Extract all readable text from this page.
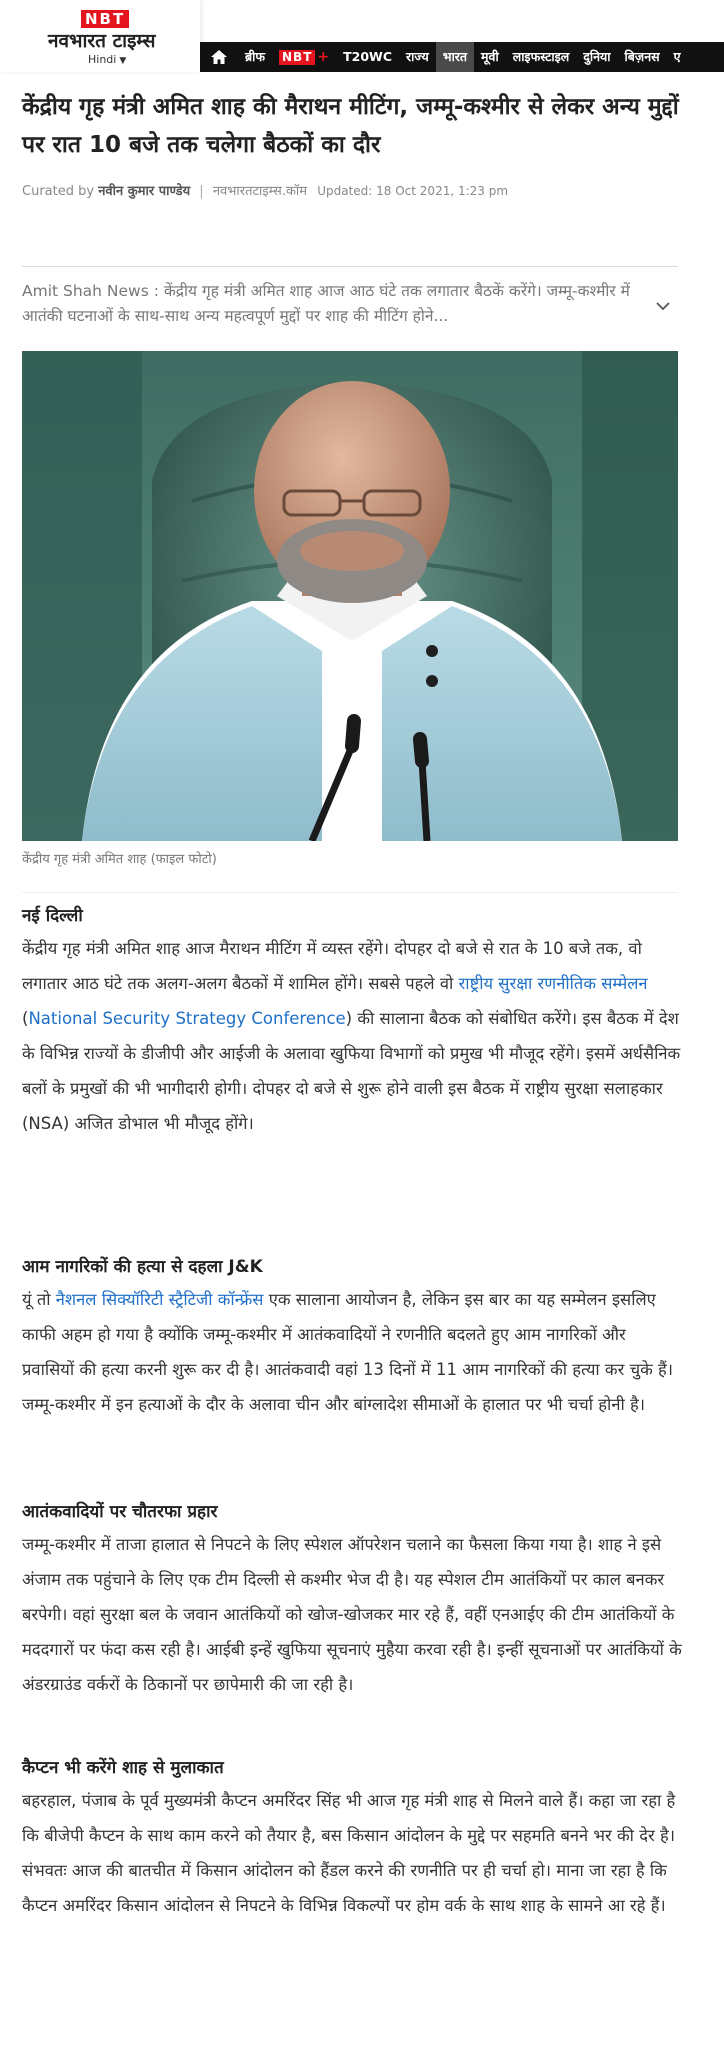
NBT
नवभारत टाइम्स
Hindi ▼	ब्रीफ	NBT +	T20WC	राज्य	भारत	मूवी	लाइफस्टाइल	दुनिया	बिज़नस	ए
केंद्रीय गृह मंत्री अमित शाह की मैराथन मीटिंग, जम्मू-कश्मीर से लेकर अन्य मुद्दों पर रात 10 बजे तक चलेगा बैठकों का दौर
Curated by नवीन कुमार पाण्डेय | नवभारतटाइम्स.कॉम Updated: 18 Oct 2021, 1:23 pm

Amit Shah News : केंद्रीय गृह मंत्री अमित शाह आज आठ घंटे तक लगातार बैठकें करेंगे। जम्मू-कश्मीर में आतंकी घटनाओं के साथ-साथ अन्य महत्वपूर्ण मुद्दों पर शाह की मीटिंग होने...

केंद्रीय गृह मंत्री अमित शाह (फाइल फोटो)
नई दिल्ली

केंद्रीय गृह मंत्री अमित शाह आज मैराथन मीटिंग में व्यस्त रहेंगे। दोपहर दो बजे से रात के 10 बजे तक, वो लगातार आठ घंटे तक अलग-अलग बैठकों में शामिल होंगे। सबसे पहले वो राष्ट्रीय सुरक्षा रणनीतिक सम्मेलन (National Security Strategy Conference) की सालाना बैठक को संबोधित करेंगे। इस बैठक में देश के विभिन्न राज्यों के डीजीपी और आईजी के अलावा खुफिया विभागों को प्रमुख भी मौजूद रहेंगे। इसमें अर्धसैनिक बलों के प्रमुखों की भी भागीदारी होगी। दोपहर दो बजे से शुरू होने वाली इस बैठक में राष्ट्रीय सुरक्षा सलाहकार (NSA) अजित डोभाल भी मौजूद होंगे।

आम नागरिकों की हत्या से दहला J&K

यूं तो नैशनल सिक्यॉरिटी स्ट्रैटिजी कॉन्फ्रेंस एक सालाना आयोजन है, लेकिन इस बार का यह सम्मेलन इसलिए काफी अहम हो गया है क्योंकि जम्मू-कश्मीर में आतंकवादियों ने रणनीति बदलते हुए आम नागरिकों और प्रवासियों की हत्या करनी शुरू कर दी है। आतंकवादी वहां 13 दिनों में 11 आम नागरिकों की हत्या कर चुके हैं। जम्मू-कश्मीर में इन हत्याओं के दौर के अलावा चीन और बांग्लादेश सीमाओं के हालात पर भी चर्चा होनी है।

आतंकवादियों पर चौतरफा प्रहार

जम्मू-कश्मीर में ताजा हालात से निपटने के लिए स्पेशल ऑपरेशन चलाने का फैसला किया गया है। शाह ने इसे अंजाम तक पहुंचाने के लिए एक टीम दिल्ली से कश्मीर भेज दी है। यह स्पेशल टीम आतंकियों पर काल बनकर बरपेगी। वहां सुरक्षा बल के जवान आतंकियों को खोज-खोजकर मार रहे हैं, वहीं एनआईए की टीम आतंकियों के मददगारों पर फंदा कस रही है। आईबी इन्हें खुफिया सूचनाएं मुहैया करवा रही है। इन्हीं सूचनाओं पर आतंकियों के अंडरग्राउंड वर्करों के ठिकानों पर छापेमारी की जा रही है।

कैप्टन भी करेंगे शाह से मुलाकात

बहरहाल, पंजाब के पूर्व मुख्यमंत्री कैप्टन अमरिंदर सिंह भी आज गृह मंत्री शाह से मिलने वाले हैं। कहा जा रहा है कि बीजेपी कैप्टन के साथ काम करने को तैयार है, बस किसान आंदोलन के मुद्दे पर सहमति बनने भर की देर है। संभवतः आज की बातचीत में किसान आंदोलन को हैंडल करने की रणनीति पर ही चर्चा हो। माना जा रहा है कि कैप्टन अमरिंदर किसान आंदोलन से निपटने के विभिन्न विकल्पों पर होम वर्क के साथ शाह के सामने आ रहे हैं।
